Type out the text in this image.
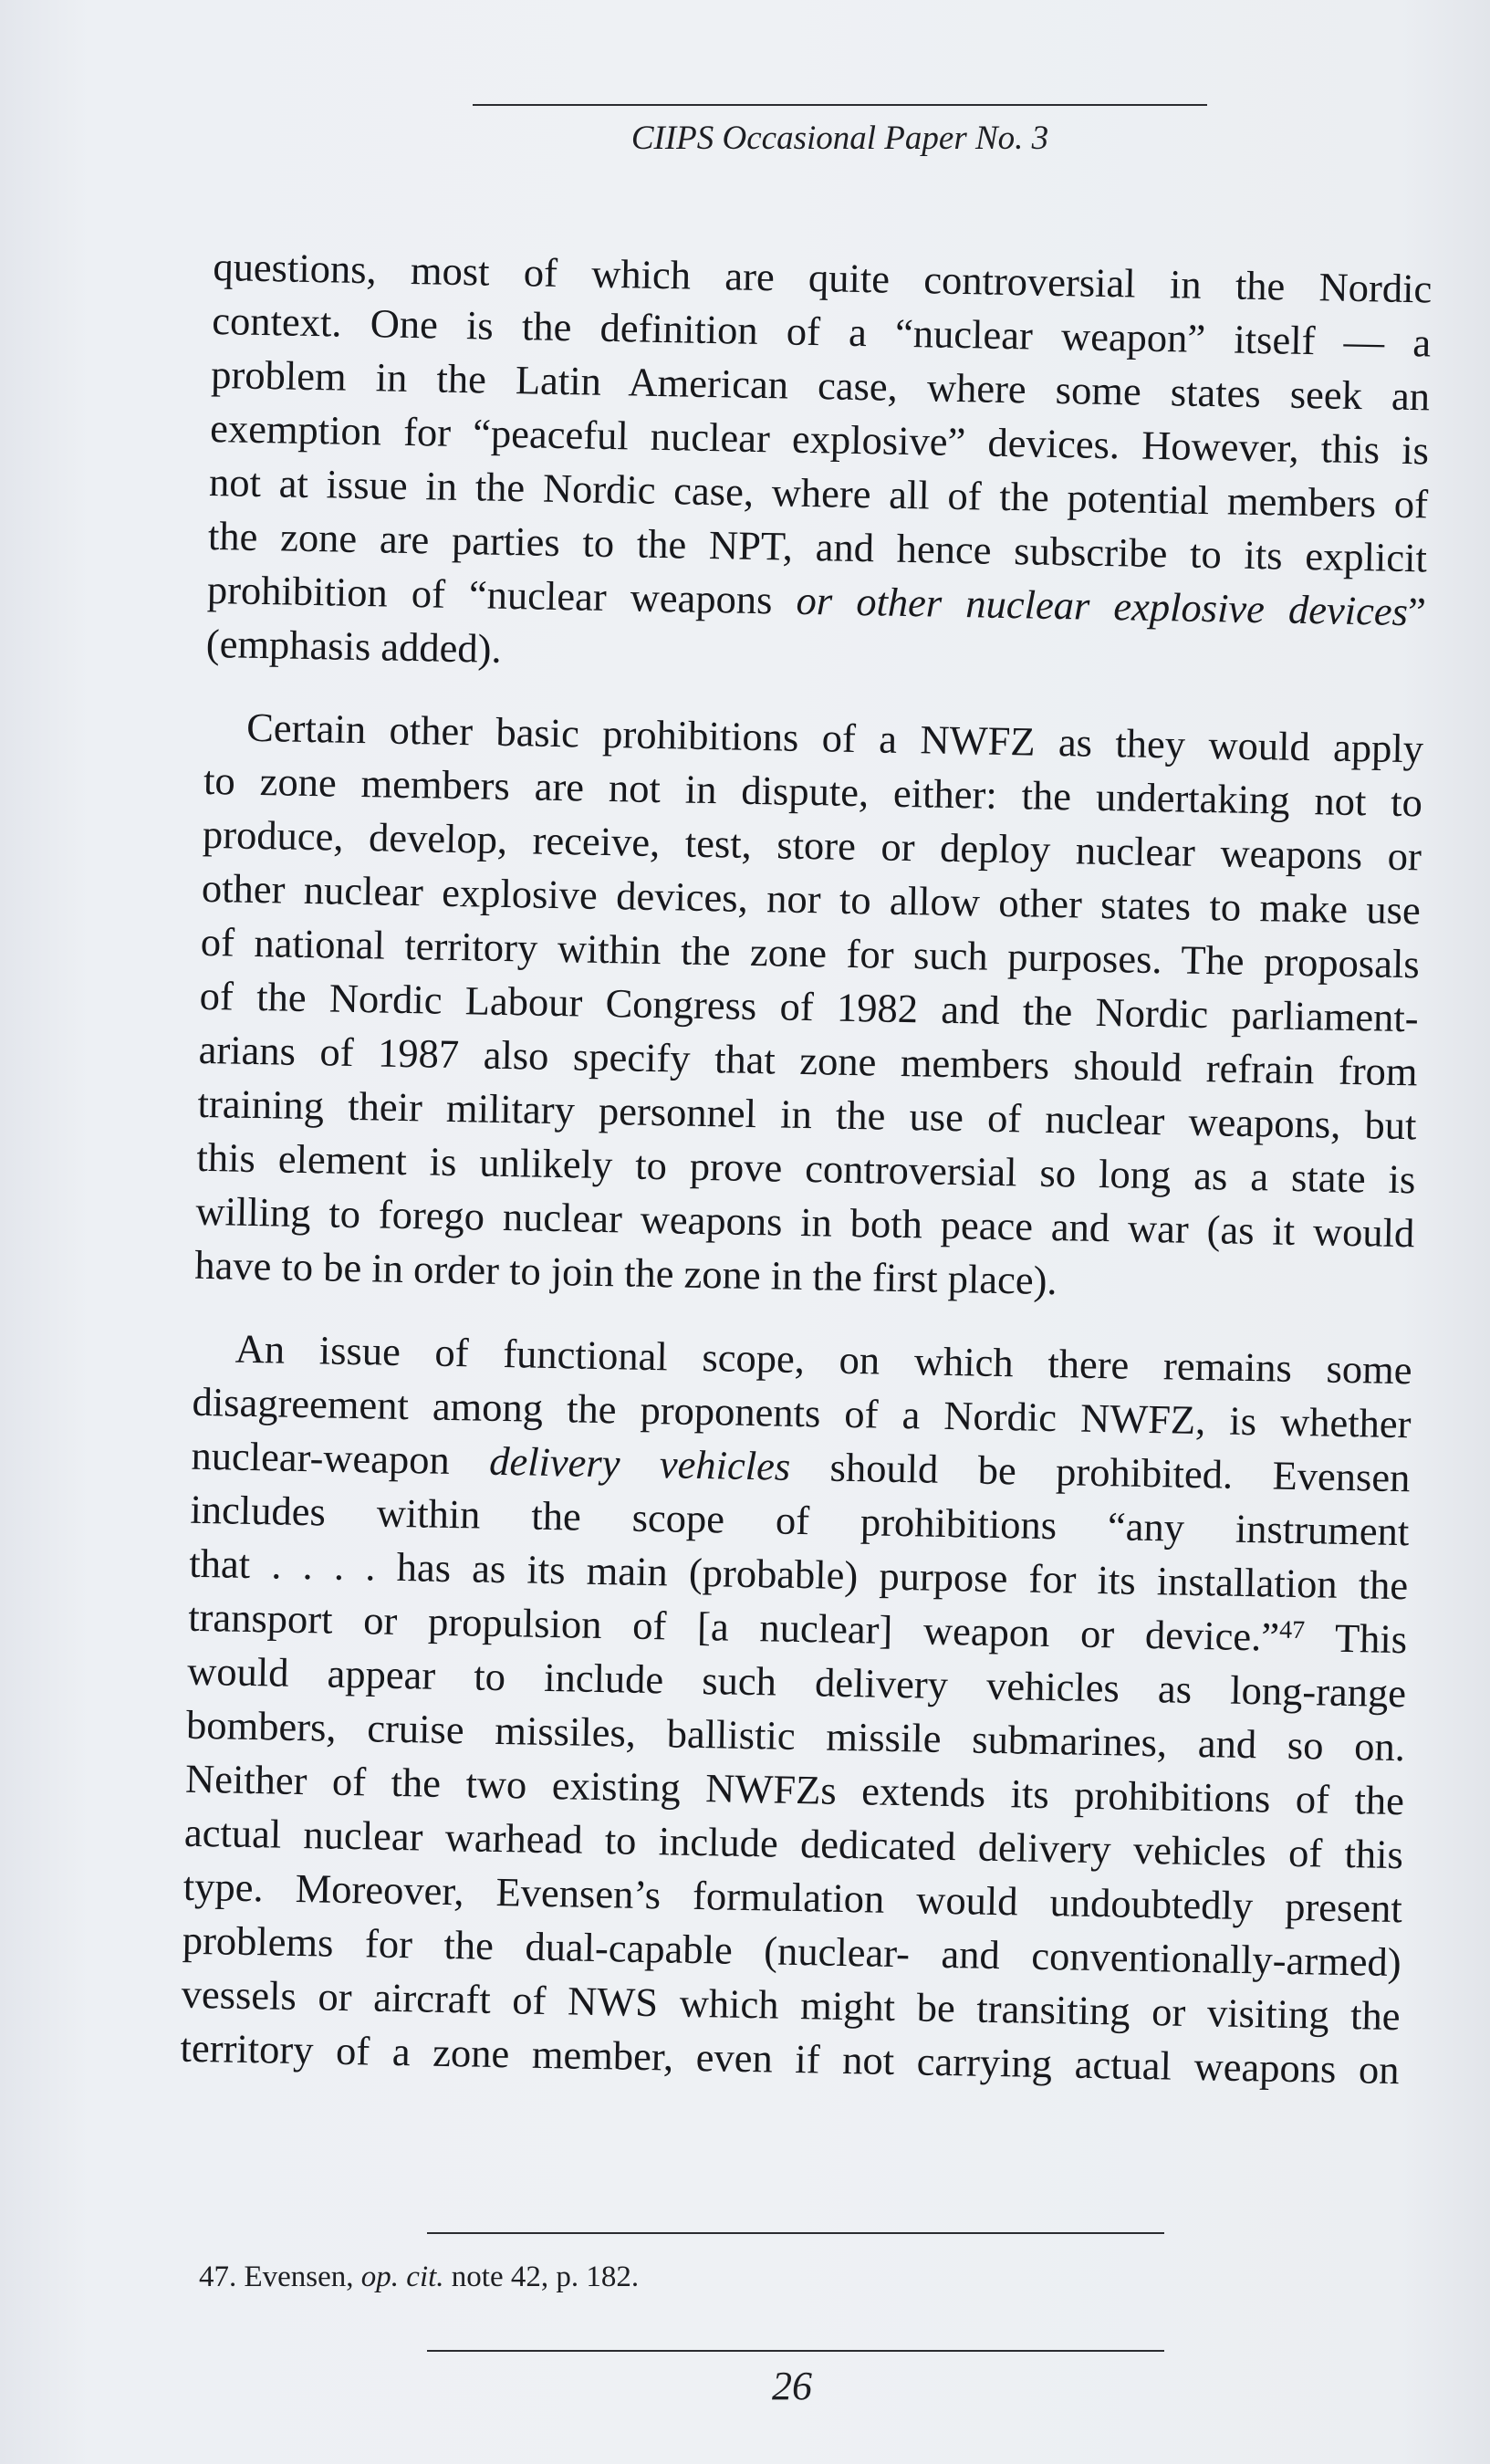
CIIPS Occasional Paper No. 3

questions, most of which are quite controversial in the Nordic
context. One is the definition of a “nuclear weapon” itself — a
problem in the Latin American case, where some states seek an
exemption for “peaceful nuclear explosive” devices. However, this is
not at issue in the Nordic case, where all of the potential members of
the zone are parties to the NPT, and hence subscribe to its explicit
prohibition of “nuclear weapons or other nuclear explosive devices”
(emphasis added).

Certain other basic prohibitions of a NWFZ as they would apply
to zone members are not in dispute, either: the undertaking not to
produce, develop, receive, test, store or deploy nuclear weapons or
other nuclear explosive devices, nor to allow other states to make use
of national territory within the zone for such purposes. The proposals
of the Nordic Labour Congress of 1982 and the Nordic parliament-
arians of 1987 also specify that zone members should refrain from
training their military personnel in the use of nuclear weapons, but
this element is unlikely to prove controversial so long as a state is
willing to forego nuclear weapons in both peace and war (as it would
have to be in order to join the zone in the first place).

An issue of functional scope, on which there remains some
disagreement among the proponents of a Nordic NWFZ, is whether
nuclear-weapon delivery vehicles should be prohibited. Evensen
includes within the scope of prohibitions “any instrument
that . . . . has as its main (probable) purpose for its installation the
transport or propulsion of [a nuclear] weapon or device.”$^{47}$ This
would appear to include such delivery vehicles as long-range
bombers, cruise missiles, ballistic missile submarines, and so on.
Neither of the two existing NWFZs extends its prohibitions of the
actual nuclear warhead to include dedicated delivery vehicles of this
type. Moreover, Evensen’s formulation would undoubtedly present
problems for the dual-capable (nuclear- and conventionally-armed)
vessels or aircraft of NWS which might be transiting or visiting the
territory of a zone member, even if not carrying actual weapons on

47. Evensen, op. cit. note 42, p. 182.
26
